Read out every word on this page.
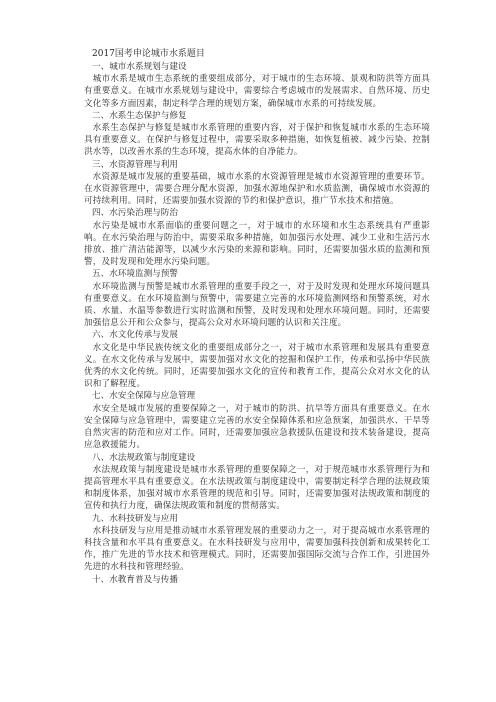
2017国考申论城市水系题目

一、城市水系规划与建设

城市水系是城市生态系统的重要组成部分，对于城市的生态环境、景观和防洪等方面具有重要意义。在城市水系规划与建设中，需要综合考虑城市的发展需求、自然环境、历史文化等多方面因素，制定科学合理的规划方案，确保城市水系的可持续发展。

二、水系生态保护与修复

水系生态保护与修复是城市水系管理的重要内容，对于保护和恢复城市水系的生态环境具有重要意义。在保护与修复过程中，需要采取多种措施，如恢复植被、减少污染、控制洪水等，以改善水系的生态环境，提高水体的自净能力。

三、水资源管理与利用

水资源是城市发展的重要基础，城市水系的水资源管理是城市水资源管理的重要环节。在水资源管理中，需要合理分配水资源，加强水源地保护和水质监测，确保城市水资源的可持续利用。同时，还需要加强水资源的节约和保护意识，推广节水技术和措施。

四、水污染治理与防治

水污染是城市水系面临的重要问题之一，对于城市的水环境和水生态系统具有严重影响。在水污染治理与防治中，需要采取多种措施，如加强污水处理、减少工业和生活污水排放、推广清洁能源等，以减少水污染的来源和影响。同时，还需要加强水质的监测和预警，及时发现和处理水污染问题。

五、水环境监测与预警

水环境监测与预警是城市水系管理的重要手段之一，对于及时发现和处理水环境问题具有重要意义。在水环境监测与预警中，需要建立完善的水环境监测网络和预警系统，对水质、水量、水温等参数进行实时监测和预警，及时发现和处理水环境问题。同时，还需要加强信息公开和公众参与，提高公众对水环境问题的认识和关注度。

六、水文化传承与发展

水文化是中华民族传统文化的重要组成部分之一，对于城市水系管理和发展具有重要意义。在水文化传承与发展中，需要加强对水文化的挖掘和保护工作，传承和弘扬中华民族优秀的水文化传统。同时，还需要加强水文化的宣传和教育工作，提高公众对水文化的认识和了解程度。

七、水安全保障与应急管理

水安全是城市发展的重要保障之一，对于城市的防洪、抗旱等方面具有重要意义。在水安全保障与应急管理中，需要建立完善的水安全保障体系和应急预案，加强洪水、干旱等自然灾害的防范和应对工作。同时，还需要加强应急救援队伍建设和技术装备建设，提高应急救援能力。

八、水法规政策与制度建设

水法规政策与制度建设是城市水系管理的重要保障之一，对于规范城市水系管理行为和提高管理水平具有重要意义。在水法规政策与制度建设中，需要制定科学合理的法规政策和制度体系，加强对城市水系管理的规范和引导。同时，还需要加强对法规政策和制度的宣传和执行力度，确保法规政策和制度的贯彻落实。

九、水科技研发与应用

水科技研发与应用是推动城市水系管理发展的重要动力之一，对于提高城市水系管理的科技含量和水平具有重要意义。在水科技研发与应用中，需要加强科技创新和成果转化工作，推广先进的节水技术和管理模式。同时，还需要加强国际交流与合作工作，引进国外先进的水科技和管理经验。

十、水教育普及与传播
